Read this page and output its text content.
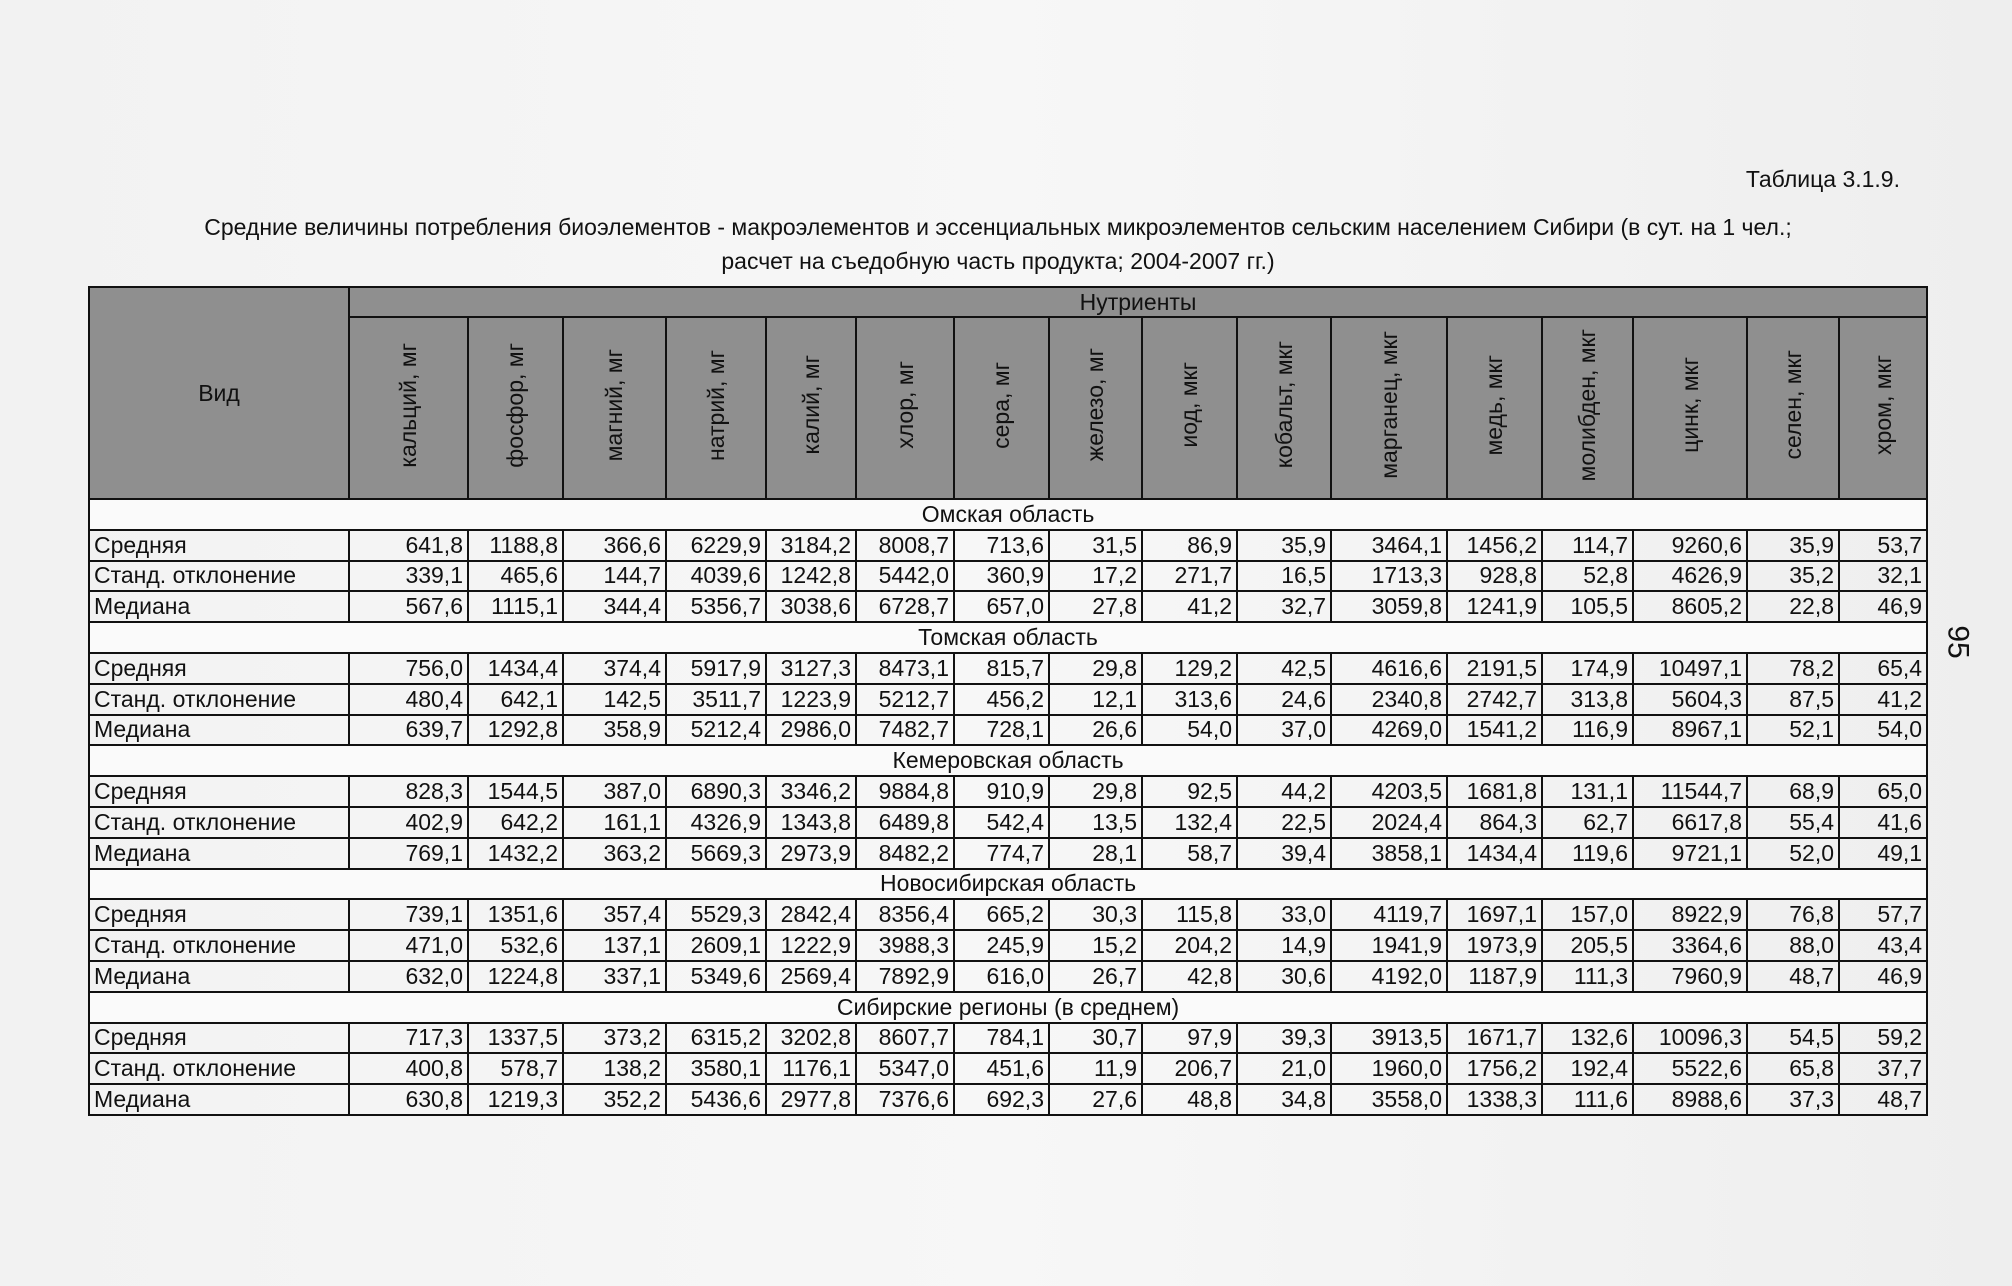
Таблица 3.1.9.
Средние величины потребления биоэлементов - макроэлементов и эссенциальных микроэлементов сельским населением Сибири (в сут. на 1 чел.;
расчет на съедобную часть продукта; 2004-2007 гг.)
95
Вид	Нутриенты															
	кальций, мг	фосфор, мг	магний, мг	натрий, мг	калий, мг	хлор, мг	сера, мг	железо, мг	иод, мкг	кобальт, мкг	марганец, мкг	медь, мкг	молибден, мкг	цинк, мкг	селен, мкг	хром, мкг
Омская область																
Средняя	641,8	1188,8	366,6	6229,9	3184,2	8008,7	713,6	31,5	86,9	35,9	3464,1	1456,2	114,7	9260,6	35,9	53,7
Станд. отклонение	339,1	465,6	144,7	4039,6	1242,8	5442,0	360,9	17,2	271,7	16,5	1713,3	928,8	52,8	4626,9	35,2	32,1
Медиана	567,6	1115,1	344,4	5356,7	3038,6	6728,7	657,0	27,8	41,2	32,7	3059,8	1241,9	105,5	8605,2	22,8	46,9
Томская область																
Средняя	756,0	1434,4	374,4	5917,9	3127,3	8473,1	815,7	29,8	129,2	42,5	4616,6	2191,5	174,9	10497,1	78,2	65,4
Станд. отклонение	480,4	642,1	142,5	3511,7	1223,9	5212,7	456,2	12,1	313,6	24,6	2340,8	2742,7	313,8	5604,3	87,5	41,2
Медиана	639,7	1292,8	358,9	5212,4	2986,0	7482,7	728,1	26,6	54,0	37,0	4269,0	1541,2	116,9	8967,1	52,1	54,0
Кемеровская область																
Средняя	828,3	1544,5	387,0	6890,3	3346,2	9884,8	910,9	29,8	92,5	44,2	4203,5	1681,8	131,1	11544,7	68,9	65,0
Станд. отклонение	402,9	642,2	161,1	4326,9	1343,8	6489,8	542,4	13,5	132,4	22,5	2024,4	864,3	62,7	6617,8	55,4	41,6
Медиана	769,1	1432,2	363,2	5669,3	2973,9	8482,2	774,7	28,1	58,7	39,4	3858,1	1434,4	119,6	9721,1	52,0	49,1
Новосибирская область																
Средняя	739,1	1351,6	357,4	5529,3	2842,4	8356,4	665,2	30,3	115,8	33,0	4119,7	1697,1	157,0	8922,9	76,8	57,7
Станд. отклонение	471,0	532,6	137,1	2609,1	1222,9	3988,3	245,9	15,2	204,2	14,9	1941,9	1973,9	205,5	3364,6	88,0	43,4
Медиана	632,0	1224,8	337,1	5349,6	2569,4	7892,9	616,0	26,7	42,8	30,6	4192,0	1187,9	111,3	7960,9	48,7	46,9
Сибирские регионы (в среднем)																
Средняя	717,3	1337,5	373,2	6315,2	3202,8	8607,7	784,1	30,7	97,9	39,3	3913,5	1671,7	132,6	10096,3	54,5	59,2
Станд. отклонение	400,8	578,7	138,2	3580,1	1176,1	5347,0	451,6	11,9	206,7	21,0	1960,0	1756,2	192,4	5522,6	65,8	37,7
Медиана	630,8	1219,3	352,2	5436,6	2977,8	7376,6	692,3	27,6	48,8	34,8	3558,0	1338,3	111,6	8988,6	37,3	48,7
